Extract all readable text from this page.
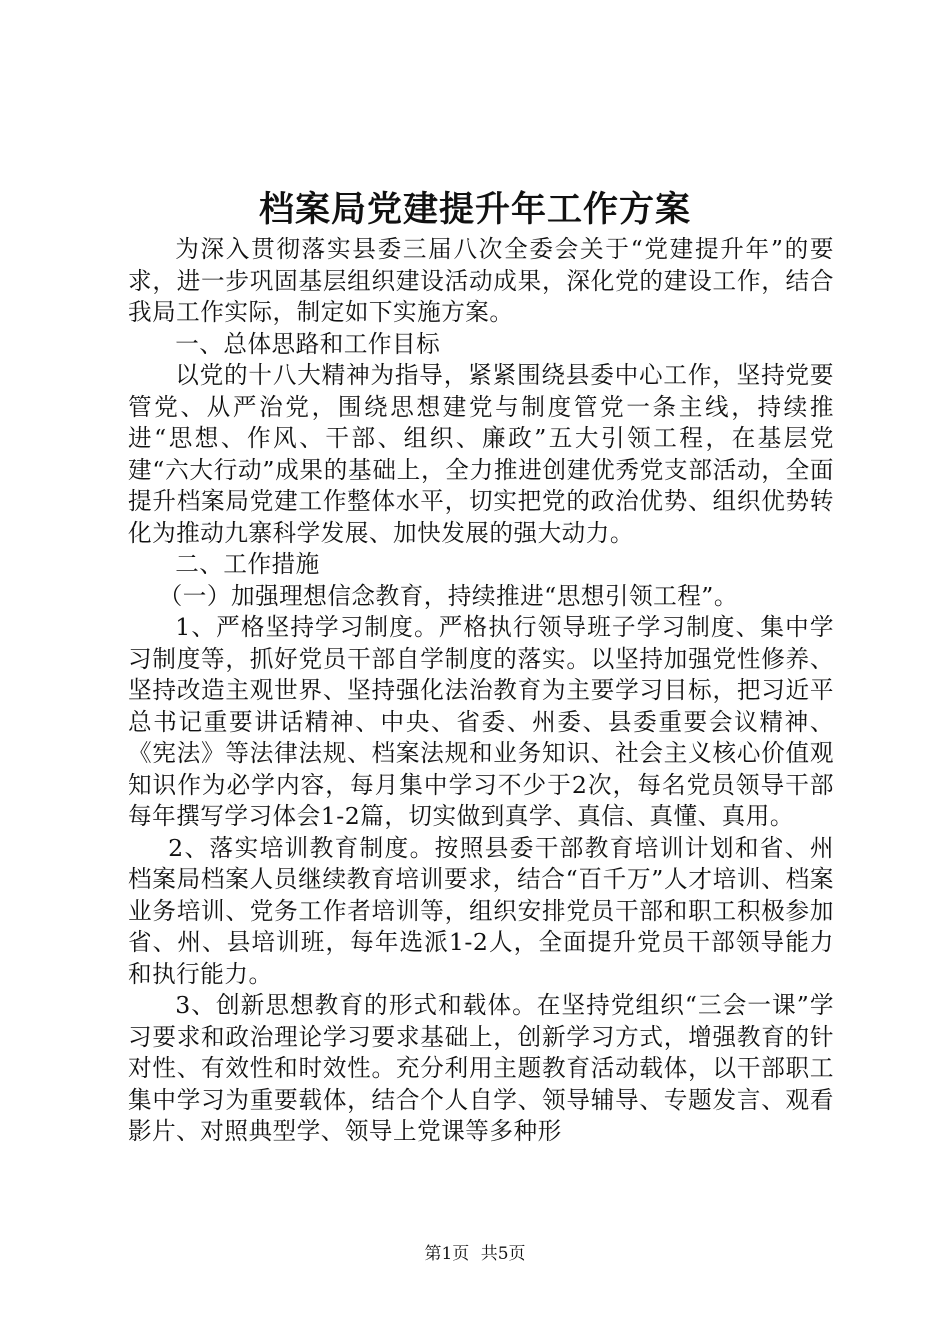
档案局党建提升年工作方案

为深入贯彻落实县委三届八次全委会关于“党建提升年”的要求，进一步巩固基层组织建设活动成果，深化党的建设工作，结合我局工作实际，制定如下实施方案。

一、总体思路和工作目标

以党的十八大精神为指导，紧紧围绕县委中心工作，坚持党要管党、从严治党，围绕思想建党与制度管党一条主线，持续推进“思想、作风、干部、组织、廉政”五大引领工程，在基层党建“六大行动”成果的基础上，全力推进创建优秀党支部活动，全面提升档案局党建工作整体水平，切实把党的政治优势、组织优势转化为推动九寨科学发展、加快发展的强大动力。

二、工作措施

（一）加强理想信念教育，持续推进“思想引领工程”。

1、严格坚持学习制度。严格执行领导班子学习制度、集中学习制度等，抓好党员干部自学制度的落实。以坚持加强党性修养、坚持改造主观世界、坚持强化法治教育为主要学习目标，把习近平总书记重要讲话精神、中央、省委、州委、县委重要会议精神、《宪法》等法律法规、档案法规和业务知识、社会主义核心价值观知识作为必学内容，每月集中学习不少于2次，每名党员领导干部每年撰写学习体会1-2篇，切实做到真学、真信、真懂、真用。

2、落实培训教育制度。按照县委干部教育培训计划和省、州档案局档案人员继续教育培训要求，结合“百千万”人才培训、档案业务培训、党务工作者培训等，组织安排党员干部和职工积极参加省、州、县培训班，每年选派1-2人，全面提升党员干部领导能力和执行能力。

3、创新思想教育的形式和载体。在坚持党组织“三会一课”学习要求和政治理论学习要求基础上，创新学习方式，增强教育的针对性、有效性和时效性。充分利用主题教育活动载体，以干部职工集中学习为重要载体，结合个人自学、领导辅导、专题发言、观看影片、对照典型学、领导上党课等多种形

第1页 共5页
